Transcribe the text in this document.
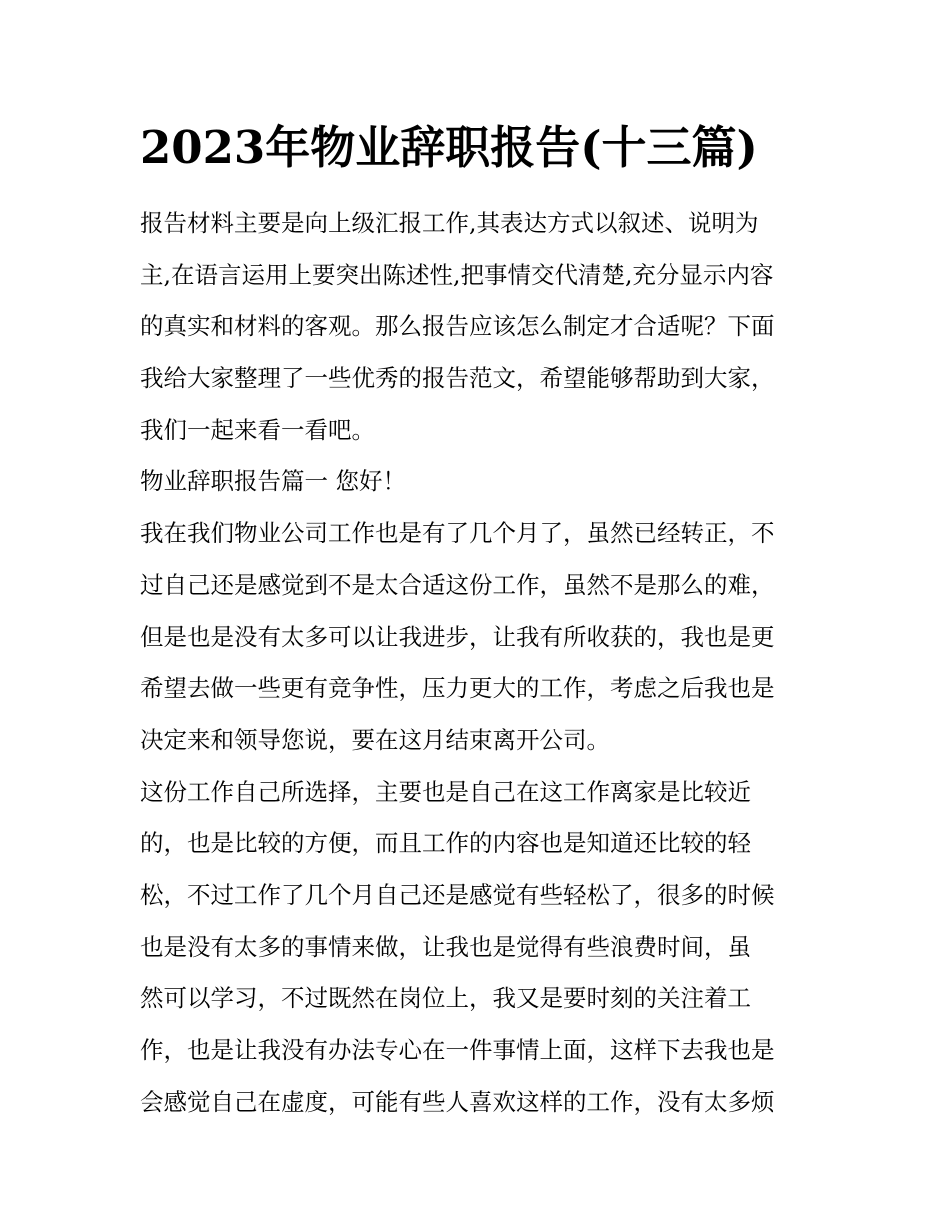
2023年物业辞职报告(十三篇)

报告材料主要是向上级汇报工作,其表达方式以叙述、说明为

主,在语言运用上要突出陈述性,把事情交代清楚,充分显示内容

的真实和材料的客观。那么报告应该怎么制定才合适呢？下面

我给大家整理了一些优秀的报告范文，希望能够帮助到大家，

我们一起来看一看吧。

物业辞职报告篇一 您好！

我在我们物业公司工作也是有了几个月了，虽然已经转正，不

过自己还是感觉到不是太合适这份工作，虽然不是那么的难，

但是也是没有太多可以让我进步，让我有所收获的，我也是更

希望去做一些更有竞争性，压力更大的工作，考虑之后我也是

决定来和领导您说，要在这月结束离开公司。

这份工作自己所选择，主要也是自己在这工作离家是比较近

的，也是比较的方便，而且工作的内容也是知道还比较的轻

松，不过工作了几个月自己还是感觉有些轻松了，很多的时候

也是没有太多的事情来做，让我也是觉得有些浪费时间，虽

然可以学习，不过既然在岗位上，我又是要时刻的关注着工

作，也是让我没有办法专心在一件事情上面，这样下去我也是

会感觉自己在虚度，可能有些人喜欢这样的工作，没有太多烦
